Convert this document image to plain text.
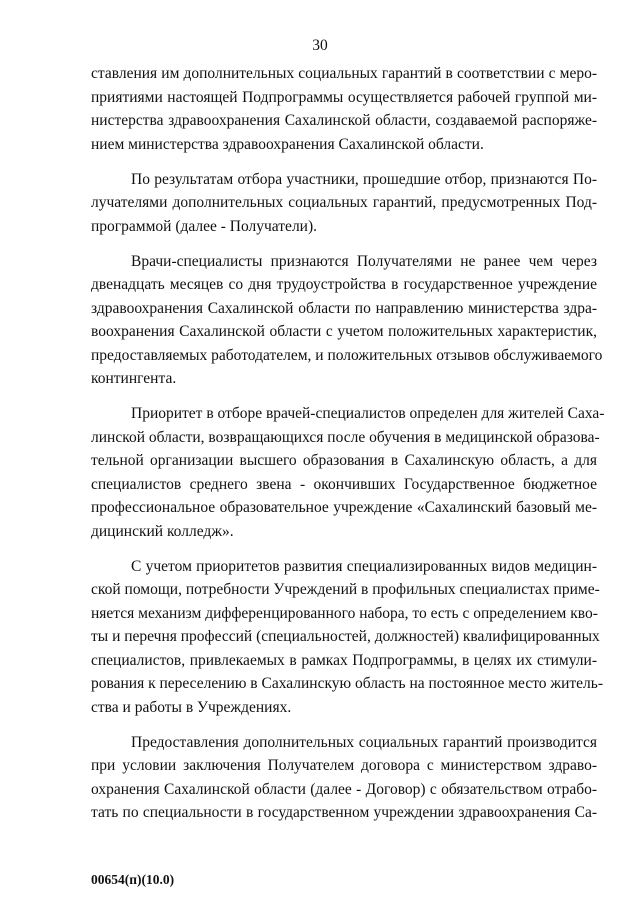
30

ставления им дополнительных социальных гарантий в соответствии с меро-
приятиями настоящей Подпрограммы осуществляется рабочей группой ми-
нистерства здравоохранения Сахалинской области, создаваемой распоряже-
нием министерства здравоохранения Сахалинской области.

По результатам отбора участники, прошедшие отбор, признаются По-
лучателями дополнительных социальных гарантий, предусмотренных Под-
программой (далее - Получатели).

Врачи-специалисты признаются Получателями не ранее чем через
двенадцать месяцев со дня трудоустройства в государственное учреждение
здравоохранения Сахалинской области по направлению министерства здра-
воохранения Сахалинской области с учетом положительных характеристик,
предоставляемых работодателем, и положительных отзывов обслуживаемого
контингента.

Приоритет в отборе врачей-специалистов определен для жителей Саха-
линской области, возвращающихся после обучения в медицинской образова-
тельной организации высшего образования в Сахалинскую область, а для
специалистов среднего звена - окончивших Государственное бюджетное
профессиональное образовательное учреждение «Сахалинский базовый ме-
дицинский колледж».

С учетом приоритетов развития специализированных видов медицин-
ской помощи, потребности Учреждений в профильных специалистах приме-
няется механизм дифференцированного набора, то есть с определением кво-
ты и перечня профессий (специальностей, должностей) квалифицированных
специалистов, привлекаемых в рамках Подпрограммы, в целях их стимули-
рования к переселению в Сахалинскую область на постоянное место житель-
ства и работы в Учреждениях.

Предоставления дополнительных социальных гарантий производится
при условии заключения Получателем договора с министерством здраво-
охранения Сахалинской области (далее - Договор) с обязательством отрабо-
тать по специальности в государственном учреждении здравоохранения Са-

00654(п)(10.0)
